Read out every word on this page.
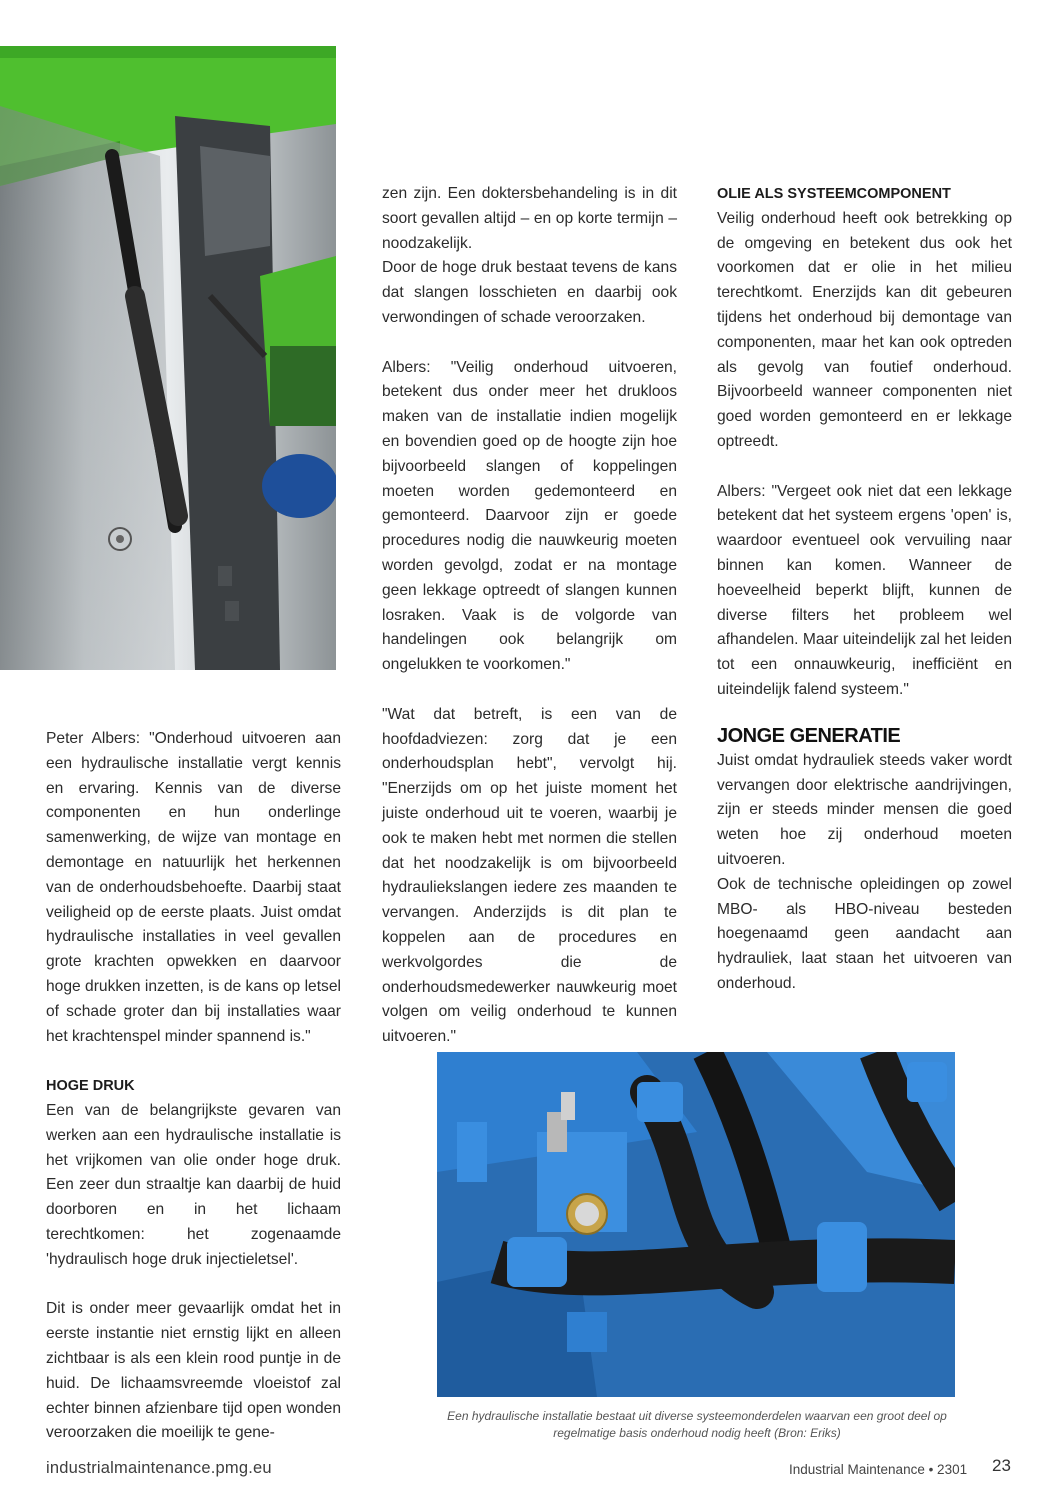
Peter Albers: "Onderhoud uitvoeren aan een hydraulische installatie vergt kennis en ervaring. Kennis van de diverse componenten en hun onderlinge samenwerking, de wijze van montage en demontage en natuurlijk het herkennen van de onderhoudsbehoefte. Daarbij staat veiligheid op de eerste plaats. Juist omdat hydraulische installaties in veel gevallen grote krachten opwekken en daarvoor hoge drukken inzetten, is de kans op letsel of schade groter dan bij installaties waar het krachtenspel minder spannend is."

HOGE DRUK

Een van de belangrijkste gevaren van werken aan een hydraulische installatie is het vrijkomen van olie onder hoge druk. Een zeer dun straaltje kan daarbij de huid doorboren en in het lichaam terechtkomen: het zogenaamde 'hydraulisch hoge druk injectieletsel'.

Dit is onder meer gevaarlijk omdat het in eerste instantie niet ernstig lijkt en alleen zichtbaar is als een klein rood puntje in de huid. De lichaamsvreemde vloeistof zal echter binnen afzienbare tijd open wonden veroorzaken die moeilijk te gene-

zen zijn. Een doktersbehandeling is in dit soort gevallen altijd – en op korte termijn – noodzakelijk.

Door de hoge druk bestaat tevens de kans dat slangen losschieten en daarbij ook verwondingen of schade veroorzaken.

Albers: "Veilig onderhoud uitvoeren, betekent dus onder meer het drukloos maken van de installatie indien mogelijk en bovendien goed op de hoogte zijn hoe bijvoorbeeld slangen of koppelingen moeten worden gedemonteerd en gemonteerd. Daarvoor zijn er goede procedures nodig die nauwkeurig moeten worden gevolgd, zodat er na montage geen lekkage optreedt of slangen kunnen losraken. Vaak is de volgorde van handelingen ook belangrijk om ongelukken te voorkomen."

"Wat dat betreft, is een van de hoofdadviezen: zorg dat je een onderhoudsplan hebt", vervolgt hij. "Enerzijds om op het juiste moment het juiste onderhoud uit te voeren, waarbij je ook te maken hebt met normen die stellen dat het noodzakelijk is om bijvoorbeeld hydrauliekslangen iedere zes maanden te vervangen. Anderzijds is dit plan te koppelen aan de procedures en werkvolgordes die de onderhoudsmedewerker nauwkeurig moet volgen om veilig onderhoud te kunnen uitvoeren."

OLIE ALS SYSTEEMCOMPONENT

Veilig onderhoud heeft ook betrekking op de omgeving en betekent dus ook het voorkomen dat er olie in het milieu terechtkomt. Enerzijds kan dit gebeuren tijdens het onderhoud bij demontage van componenten, maar het kan ook optreden als gevolg van foutief onderhoud. Bijvoorbeeld wanneer componenten niet goed worden gemonteerd en er lekkage optreedt.

Albers: "Vergeet ook niet dat een lekkage betekent dat het systeem ergens 'open' is, waardoor eventueel ook vervuiling naar binnen kan komen. Wanneer de hoeveelheid beperkt blijft, kunnen de diverse filters het probleem wel afhandelen. Maar uiteindelijk zal het leiden tot een onnauwkeurig, inefficiënt en uiteindelijk falend systeem."

JONGE GENERATIE

Juist omdat hydrauliek steeds vaker wordt vervangen door elektrische aandrijvingen, zijn er steeds minder mensen die goed weten hoe zij onderhoud moeten uitvoeren.

Ook de technische opleidingen op zowel MBO- als HBO-niveau besteden hoegenaamd geen aandacht aan hydrauliek, laat staan het uitvoeren van onderhoud.

Een hydraulische installatie bestaat uit diverse systeemonderdelen waarvan een groot deel op regelmatige basis onderhoud nodig heeft (Bron: Eriks)
industrialmaintenance.pmg.eu	Industrial Maintenance • 2301 23
